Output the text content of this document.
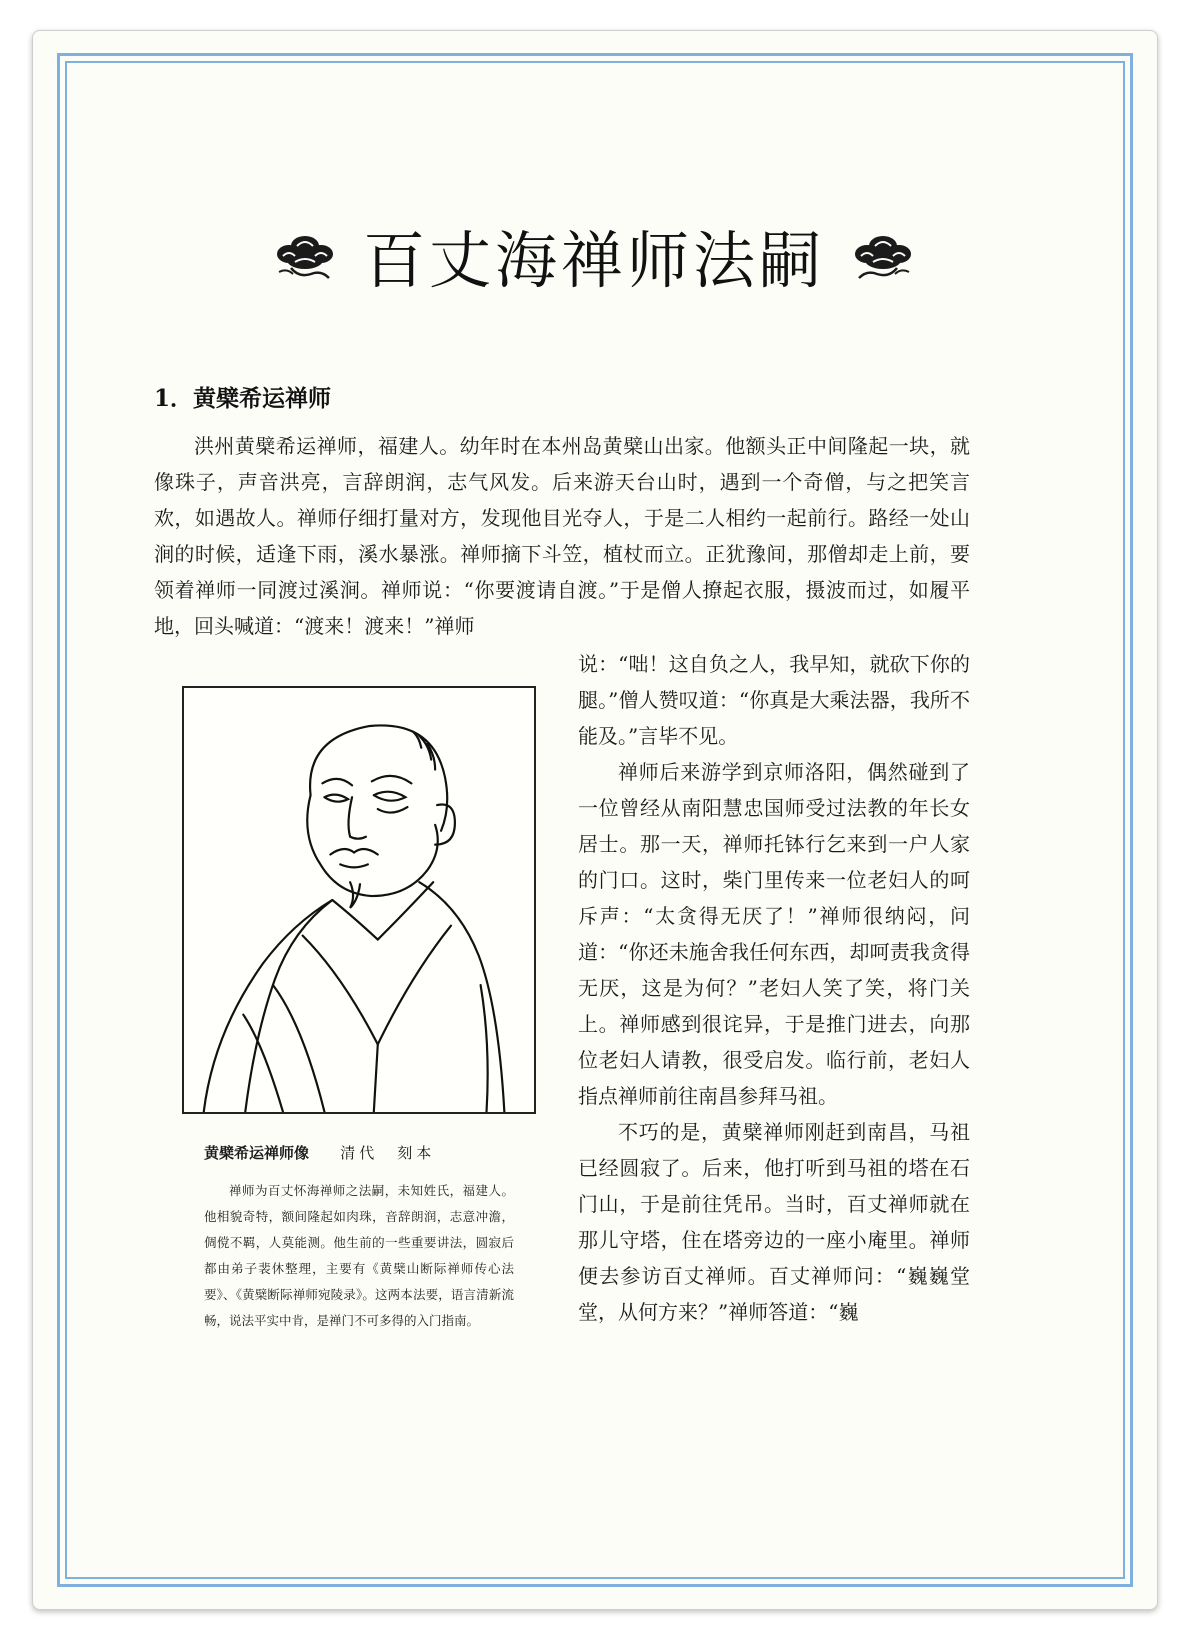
百丈海禅师法嗣
1．黄檗希运禅师

洪州黄檗希运禅师，福建人。幼年时在本州岛黄檗山出家。他额头正中间隆起一块，就像珠子，声音洪亮，言辞朗润，志气风发。后来游天台山时，遇到一个奇僧，与之把笑言欢，如遇故人。禅师仔细打量对方，发现他目光夺人，于是二人相约一起前行。路经一处山涧的时候，适逢下雨，溪水暴涨。禅师摘下斗笠，植杖而立。正犹豫间，那僧却走上前，要领着禅师一同渡过溪涧。禅师说：“你要渡请自渡。”于是僧人撩起衣服，摄波而过，如履平地，回头喊道：“渡来！渡来！”禅师

黄檗希运禅师像 清代　刻本

禅师为百丈怀海禅师之法嗣，未知姓氏，福建人。他相貌奇特，额间隆起如肉珠，音辞朗润，志意冲澹，倜傥不羁，人莫能测。他生前的一些重要讲法，圆寂后都由弟子裴休整理，主要有《黄檗山断际禅师传心法要》、《黄檗断际禅师宛陵录》。这两本法要，语言清新流畅，说法平实中肯，是禅门不可多得的入门指南。

说：“咄！这自负之人，我早知，就砍下你的腿。”僧人赞叹道：“你真是大乘法器，我所不能及。”言毕不见。

禅师后来游学到京师洛阳，偶然碰到了一位曾经从南阳慧忠国师受过法教的年长女居士。那一天，禅师托钵行乞来到一户人家的门口。这时，柴门里传来一位老妇人的呵斥声：“太贪得无厌了！”禅师很纳闷，问道：“你还未施舍我任何东西，却呵责我贪得无厌，这是为何？”老妇人笑了笑，将门关上。禅师感到很诧异，于是推门进去，向那位老妇人请教，很受启发。临行前，老妇人指点禅师前往南昌参拜马祖。

不巧的是，黄檗禅师刚赶到南昌，马祖已经圆寂了。后来，他打听到马祖的塔在石门山，于是前往凭吊。当时，百丈禅师就在那儿守塔，住在塔旁边的一座小庵里。禅师便去参访百丈禅师。百丈禅师问：“巍巍堂堂，从何方来？”禅师答道：“巍
